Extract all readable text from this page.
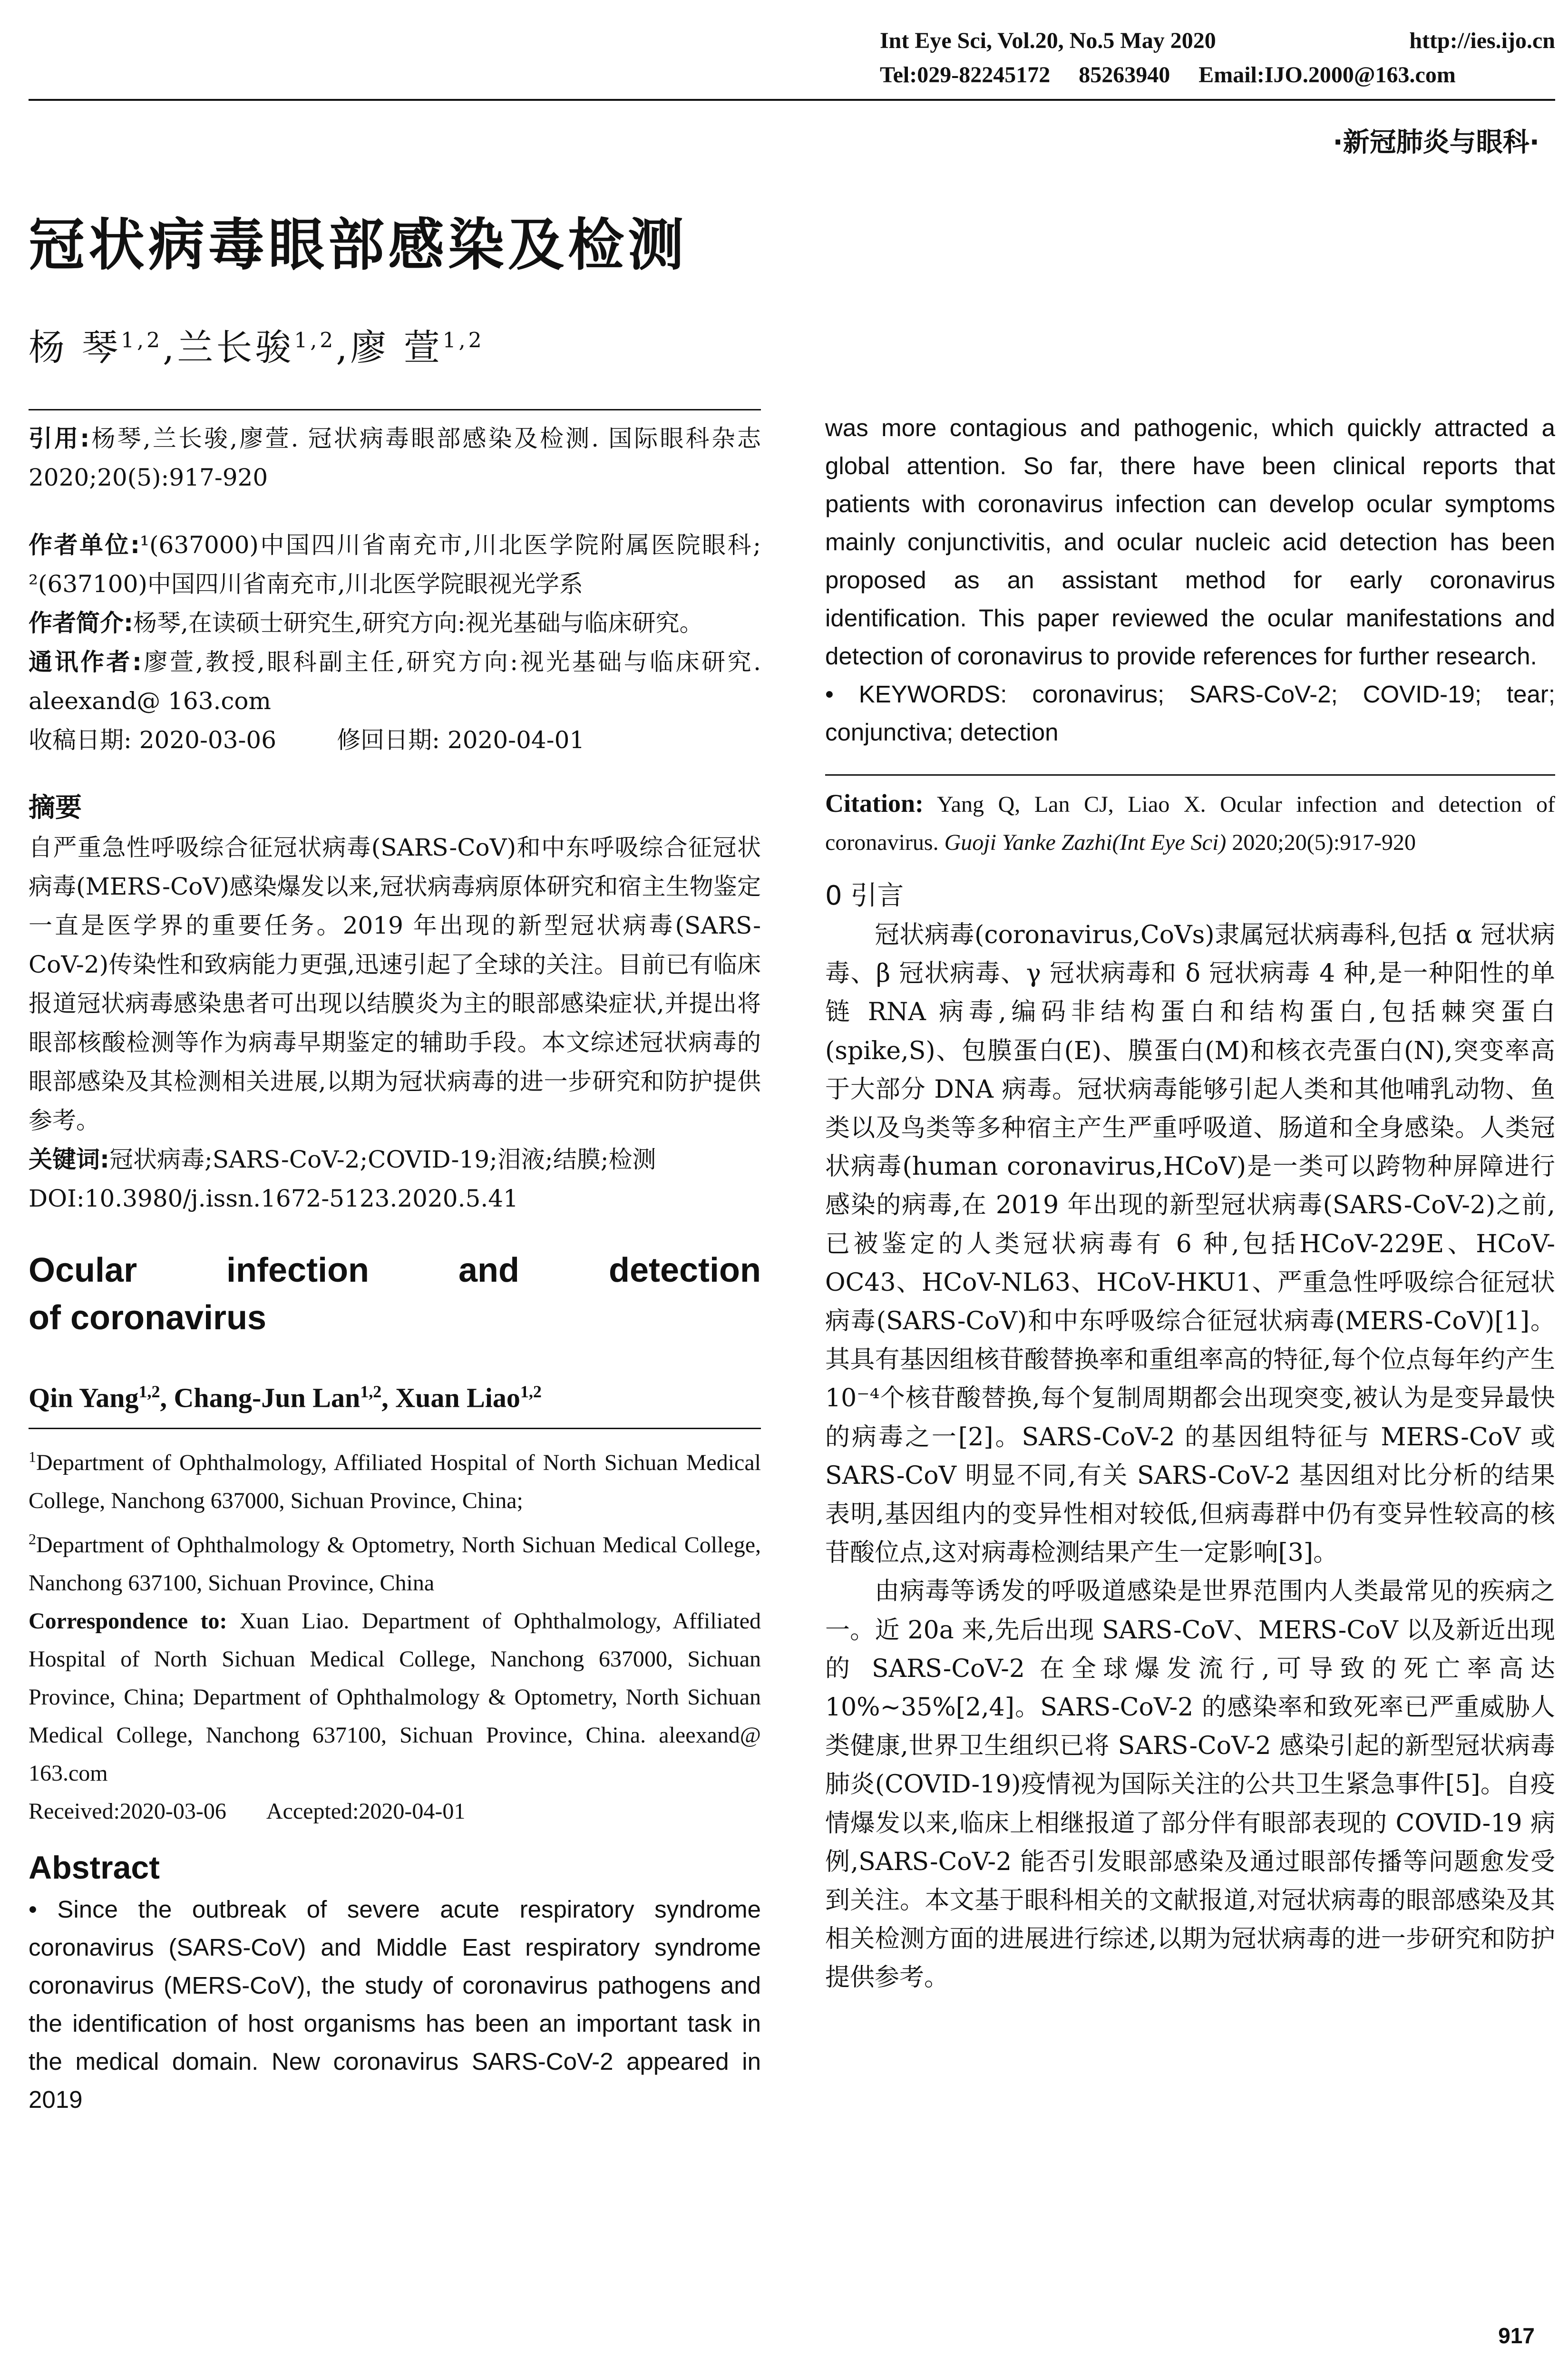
Int Eye Sci, Vol.20, No.5 May 2020	http://ies.ijo.cn
Tel:029-82245172 85263940 Email:IJO.2000@163.com
·新冠肺炎与眼科·
冠状病毒眼部感染及检测
杨 琴$^{1,2}$,兰长骏$^{1,2}$,廖 萱$^{1,2}$

引用:杨琴,兰长骏,廖萱. 冠状病毒眼部感染及检测. 国际眼科杂志 2020;20(5):917-920

作者单位:¹(637000)中国四川省南充市,川北医学院附属医院眼科; ²(637100)中国四川省南充市,川北医学院眼视光学系

作者简介:杨琴,在读硕士研究生,研究方向:视光基础与临床研究。

通讯作者:廖萱,教授,眼科副主任,研究方向:视光基础与临床研究. aleexand@ 163.com

收稿日期: 2020-03-06	修回日期: 2020-04-01

摘要

自严重急性呼吸综合征冠状病毒(SARS-CoV)和中东呼吸综合征冠状病毒(MERS-CoV)感染爆发以来,冠状病毒病原体研究和宿主生物鉴定一直是医学界的重要任务。2019 年出现的新型冠状病毒(SARS-CoV-2)传染性和致病能力更强,迅速引起了全球的关注。目前已有临床报道冠状病毒感染患者可出现以结膜炎为主的眼部感染症状,并提出将眼部核酸检测等作为病毒早期鉴定的辅助手段。本文综述冠状病毒的眼部感染及其检测相关进展,以期为冠状病毒的进一步研究和防护提供参考。

关键词:冠状病毒;SARS-CoV-2;COVID-19;泪液;结膜;检测

DOI:10.3980/j.issn.1672-5123.2020.5.41

Ocular	infection	and	detection

of coronavirus

Qin Yang$^{1,2}$, Chang-Jun Lan$^{1,2}$, Xuan Liao$^{1,2}$

$^1$Department of Ophthalmology, Affiliated Hospital of North Sichuan Medical College, Nanchong 637000, Sichuan Province, China;

$^2$Department of Ophthalmology & Optometry, North Sichuan Medical College, Nanchong 637100, Sichuan Province, China

Correspondence to: Xuan Liao. Department of Ophthalmology, Affiliated Hospital of North Sichuan Medical College, Nanchong 637000, Sichuan Province, China; Department of Ophthalmology & Optometry, North Sichuan Medical College, Nanchong 637100, Sichuan Province, China. aleexand@ 163.com

Received:2020-03-06 Accepted:2020-04-01

Abstract

• Since the outbreak of severe acute respiratory syndrome coronavirus (SARS-CoV) and Middle East respiratory syndrome coronavirus (MERS-CoV), the study of coronavirus pathogens and the identification of host organisms has been an important task in the medical domain. New coronavirus SARS-CoV-2 appeared in 2019

was more contagious and pathogenic, which quickly attracted a global attention. So far, there have been clinical reports that patients with coronavirus infection can develop ocular symptoms mainly conjunctivitis, and ocular nucleic acid detection has been proposed as an assistant method for early coronavirus identification. This paper reviewed the ocular manifestations and detection of coronavirus to provide references for further research.

• KEYWORDS: coronavirus; SARS-CoV-2; COVID-19; tear; conjunctiva; detection

Citation: Yang Q, Lan CJ, Liao X. Ocular infection and detection of coronavirus. Guoji Yanke Zazhi(Int Eye Sci) 2020;20(5):917-920

0 引言

冠状病毒(coronavirus,CoVs)隶属冠状病毒科,包括 α 冠状病毒、β 冠状病毒、γ 冠状病毒和 δ 冠状病毒 4 种,是一种阳性的单链 RNA 病毒,编码非结构蛋白和结构蛋白,包括棘突蛋白(spike,S)、包膜蛋白(E)、膜蛋白(M)和核衣壳蛋白(N),突变率高于大部分 DNA 病毒。冠状病毒能够引起人类和其他哺乳动物、鱼类以及鸟类等多种宿主产生严重呼吸道、肠道和全身感染。人类冠状病毒(human coronavirus,HCoV)是一类可以跨物种屏障进行感染的病毒,在 2019 年出现的新型冠状病毒(SARS-CoV-2)之前,已被鉴定的人类冠状病毒有 6 种,包括HCoV-229E、HCoV-OC43、HCoV-NL63、HCoV-HKU1、严重急性呼吸综合征冠状病毒(SARS-CoV)和中东呼吸综合征冠状病毒(MERS-CoV)[1]。其具有基因组核苷酸替换率和重组率高的特征,每个位点每年约产生 10⁻⁴个核苷酸替换,每个复制周期都会出现突变,被认为是变异最快的病毒之一[2]。SARS-CoV-2 的基因组特征与 MERS-CoV 或 SARS-CoV 明显不同,有关 SARS-CoV-2 基因组对比分析的结果表明,基因组内的变异性相对较低,但病毒群中仍有变异性较高的核苷酸位点,这对病毒检测结果产生一定影响[3]。

由病毒等诱发的呼吸道感染是世界范围内人类最常见的疾病之一。近 20a 来,先后出现 SARS-CoV、MERS-CoV 以及新近出现的 SARS-CoV-2 在全球爆发流行,可导致的死亡率高达 10%~35%[2,4]。SARS-CoV-2 的感染率和致死率已严重威胁人类健康,世界卫生组织已将 SARS-CoV-2 感染引起的新型冠状病毒肺炎(COVID-19)疫情视为国际关注的公共卫生紧急事件[5]。自疫情爆发以来,临床上相继报道了部分伴有眼部表现的 COVID-19 病例,SARS-CoV-2 能否引发眼部感染及通过眼部传播等问题愈发受到关注。本文基于眼科相关的文献报道,对冠状病毒的眼部感染及其相关检测方面的进展进行综述,以期为冠状病毒的进一步研究和防护提供参考。

917
